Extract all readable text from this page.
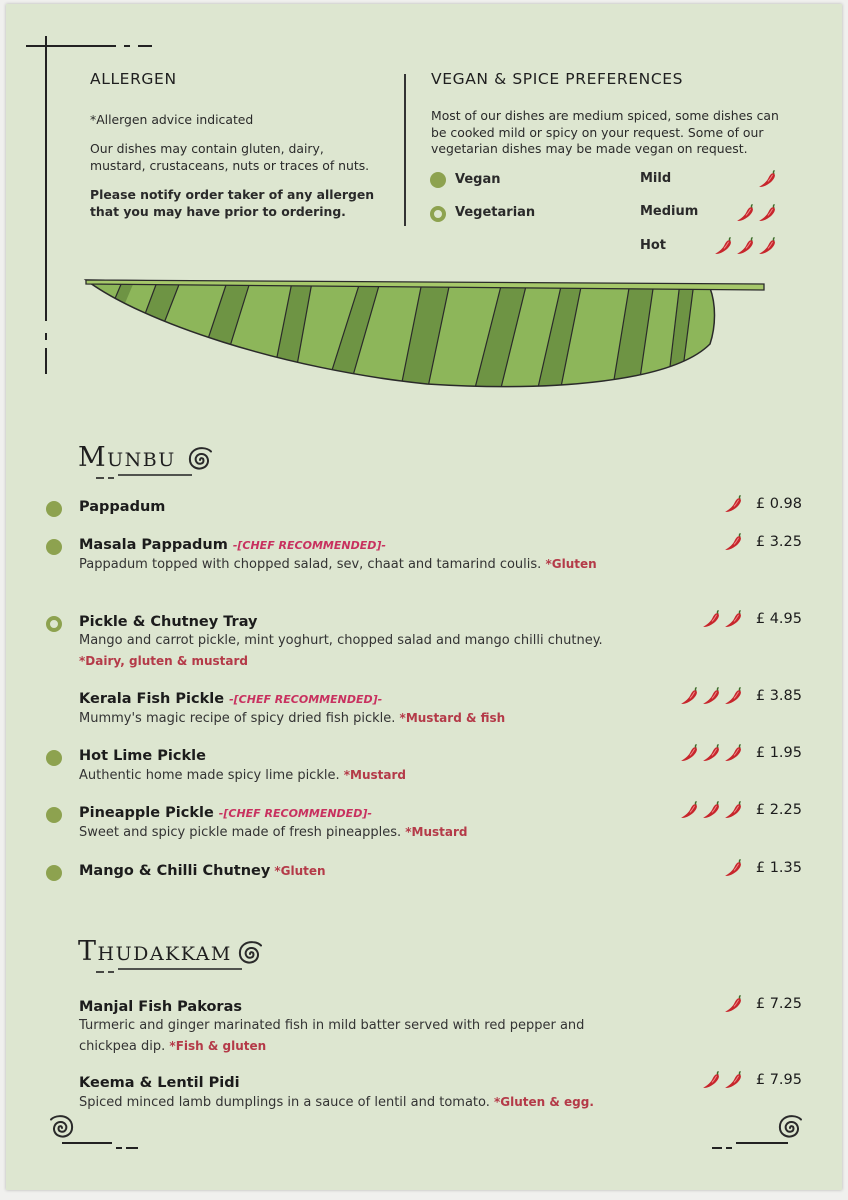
ALLERGEN
*Allergen advice indicated
Our dishes may contain gluten, dairy, mustard, crustaceans, nuts or traces of nuts.
Please notify order taker of any allergen that you may have prior to ordering.
VEGAN & SPICE PREFERENCES
Most of our dishes are medium spiced, some dishes can be cooked mild or spicy on your request. Some of our vegetarian dishes may be made vegan on request.
Vegan
Vegetarian
Mild
Medium
Hot
MUNBU
Pappadum	£ 0.98
Masala Pappadum -[CHEF RECOMMENDED]-
Pappadum topped with chopped salad, sev, chaat and tamarind coulis. *Gluten
£ 3.25
Pickle & Chutney Tray
Mango and carrot pickle, mint yoghurt, chopped salad and mango chilli chutney. *Dairy, gluten & mustard
£ 4.95
Kerala Fish Pickle -[CHEF RECOMMENDED]-
Mummy's magic recipe of spicy dried fish pickle. *Mustard & fish
£ 3.85
Hot Lime Pickle
Authentic home made spicy lime pickle. *Mustard
£ 1.95
Pineapple Pickle -[CHEF RECOMMENDED]-
Sweet and spicy pickle made of fresh pineapples. *Mustard
£ 2.25
Mango & Chilli Chutney *Gluten	£ 1.35
THUDAKKAM
Manjal Fish Pakoras
Turmeric and ginger marinated fish in mild batter served with red pepper and chickpea dip. *Fish & gluten
£ 7.25
Keema & Lentil Pidi
Spiced minced lamb dumplings in a sauce of lentil and tomato. *Gluten & egg.
£ 7.95
